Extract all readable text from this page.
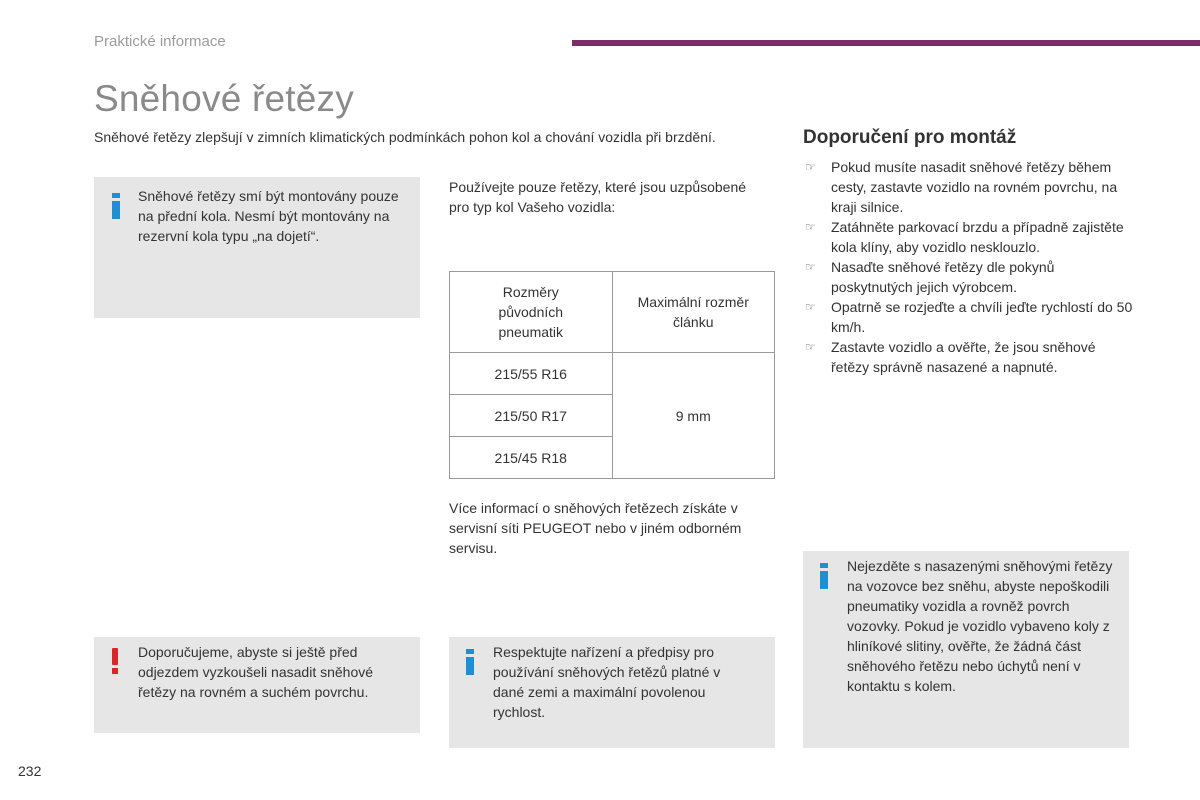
Praktické informace
Sněhové řetězy
Sněhové řetězy zlepšují v zimních klimatických podmínkách pohon kol a chování vozidla při brzdění.
Sněhové řetězy smí být montovány pouze na přední kola. Nesmí být montovány na rezervní kola typu „na dojetí“.
Používejte pouze řetězy, které jsou uzpůsobené pro typ kol Vašeho vozidla:
Rozměry původních pneumatik	Maximální rozměr článku

215/55 R16	9 mm
215/50 R17	
215/45 R18	
Více informací o sněhových řetězech získáte v servisní síti PEUGEOT nebo v jiném odborném servisu.
Doporučujeme, abyste si ještě před odjezdem vyzkoušeli nasadit sněhové řetězy na rovném a suchém povrchu.
Respektujte nařízení a předpisy pro používání sněhových řetězů platné v dané zemi a maximální povolenou rychlost.
Doporučení pro montáž
☞ Pokud musíte nasadit sněhové řetězy během cesty, zastavte vozidlo na rovném povrchu, na kraji silnice.
☞ Zatáhněte parkovací brzdu a případně zajistěte kola klíny, aby vozidlo nesklouzlo.
☞ Nasaďte sněhové řetězy dle pokynů poskytnutých jejich výrobcem.
☞ Opatrně se rozjeďte a chvíli jeďte rychlostí do 50 km/h.
☞ Zastavte vozidlo a ověřte, že jsou sněhové řetězy správně nasazené a napnuté.
Nejezděte s nasazenými sněhovými řetězy na vozovce bez sněhu, abyste nepoškodili pneumatiky vozidla a rovněž povrch vozovky. Pokud je vozidlo vybaveno koly z hliníkové slitiny, ověřte, že žádná část sněhového řetězu nebo úchytů není v kontaktu s kolem.
232
